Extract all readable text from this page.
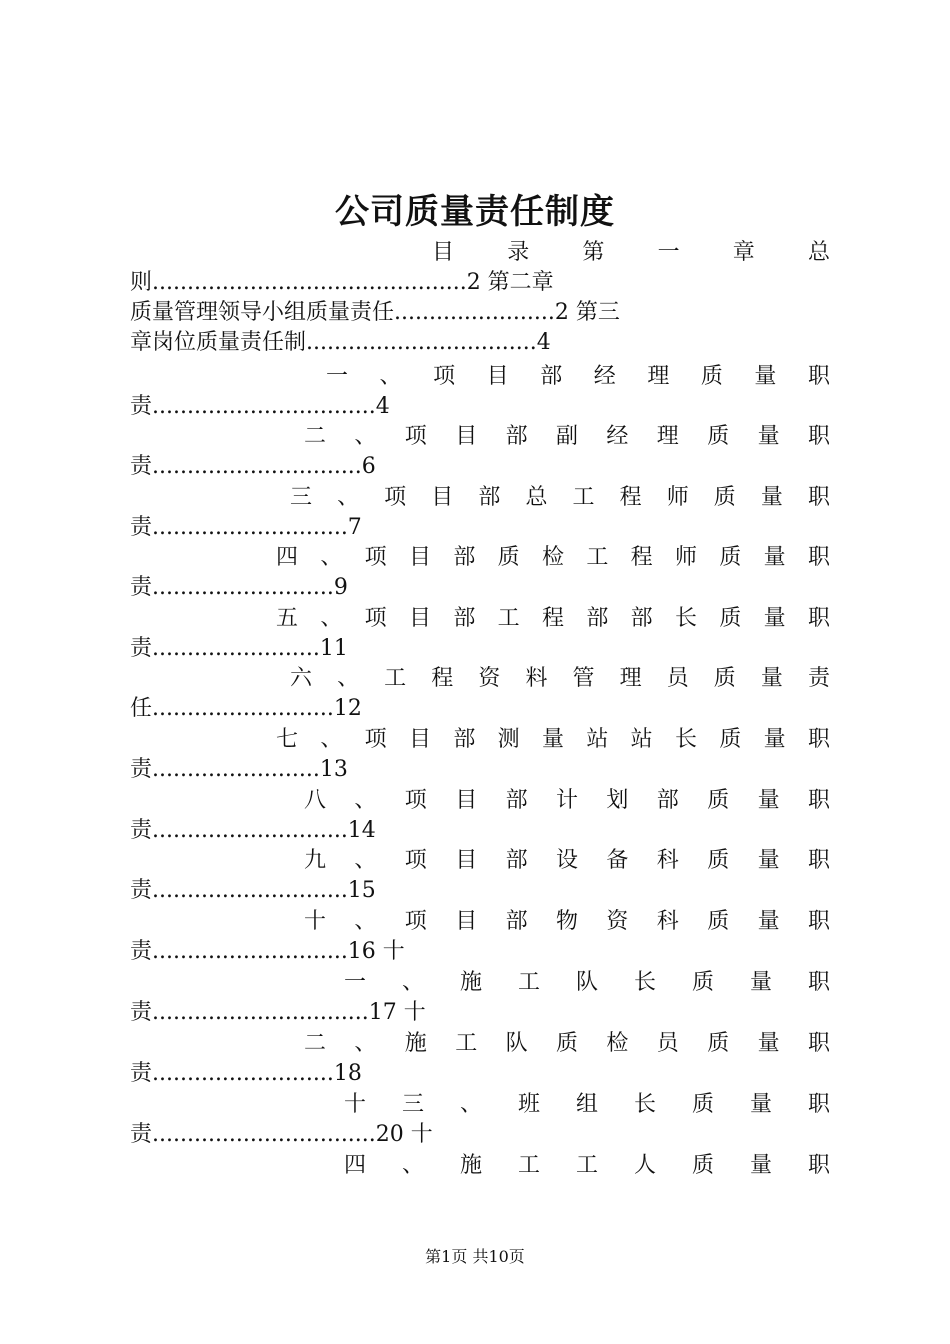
公司质量责任制度
目 录 第 一 章 总
则.............................................2 第二章
质量管理领导小组质量责任.......................2 第三
章岗位质量责任制.................................4
一 、 项 目 部 经 理 质 量 职
责................................4
二 、 项 目 部 副 经 理 质 量 职
责..............................6
三 、 项 目 部 总 工 程 师 质 量 职
责............................7
四 、 项 目 部 质 检 工 程 师 质 量 职
责..........................9
五 、 项 目 部 工 程 部 部 长 质 量 职
责........................11
六 、 工 程 资 料 管 理 员 质 量 责
任..........................12
七 、 项 目 部 测 量 站 站 长 质 量 职
责........................13
八 、 项 目 部 计 划 部 质 量 职
责............................14
九 、 项 目 部 设 备 科 质 量 职
责............................15
十 、 项 目 部 物 资 科 质 量 职
责............................16 十
一 、 施 工 队 长 质 量 职
责...............................17 十
二 、 施 工 队 质 检 员 质 量 职
责..........................18
十 三 、 班 组 长 质 量 职
责................................20 十
四 、 施 工 工 人 质 量 职
第1页 共10页
